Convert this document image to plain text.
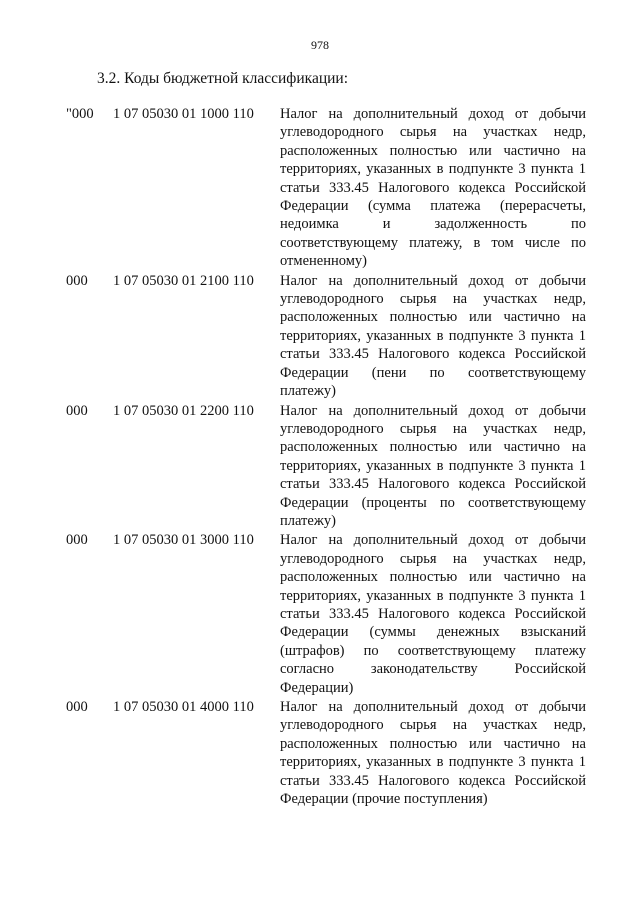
978
3.2. Коды бюджетной классификации:
"000 1 07 05030 01 1000 110 Налог на дополнительный доход от добычи углеводородного сырья на участках недр, расположенных полностью или частично на территориях, указанных в подпункте 3 пункта 1 статьи 333.45 Налогового кодекса Российской Федерации (сумма платежа (перерасчеты, недоимка и задолженность по соответствующему платежу, в том числе по отмененному)
000 1 07 05030 01 2100 110 Налог на дополнительный доход от добычи углеводородного сырья на участках недр, расположенных полностью или частично на территориях, указанных в подпункте 3 пункта 1 статьи 333.45 Налогового кодекса Российской Федерации (пени по соответствующему платежу)
000 1 07 05030 01 2200 110 Налог на дополнительный доход от добычи углеводородного сырья на участках недр, расположенных полностью или частично на территориях, указанных в подпункте 3 пункта 1 статьи 333.45 Налогового кодекса Российской Федерации (проценты по соответствующему платежу)
000 1 07 05030 01 3000 110 Налог на дополнительный доход от добычи углеводородного сырья на участках недр, расположенных полностью или частично на территориях, указанных в подпункте 3 пункта 1 статьи 333.45 Налогового кодекса Российской Федерации (суммы денежных взысканий (штрафов) по соответствующему платежу согласно законодательству Российской Федерации)
000 1 07 05030 01 4000 110 Налог на дополнительный доход от добычи углеводородного сырья на участках недр, расположенных полностью или частично на территориях, указанных в подпункте 3 пункта 1 статьи 333.45 Налогового кодекса Российской Федерации (прочие поступления)
